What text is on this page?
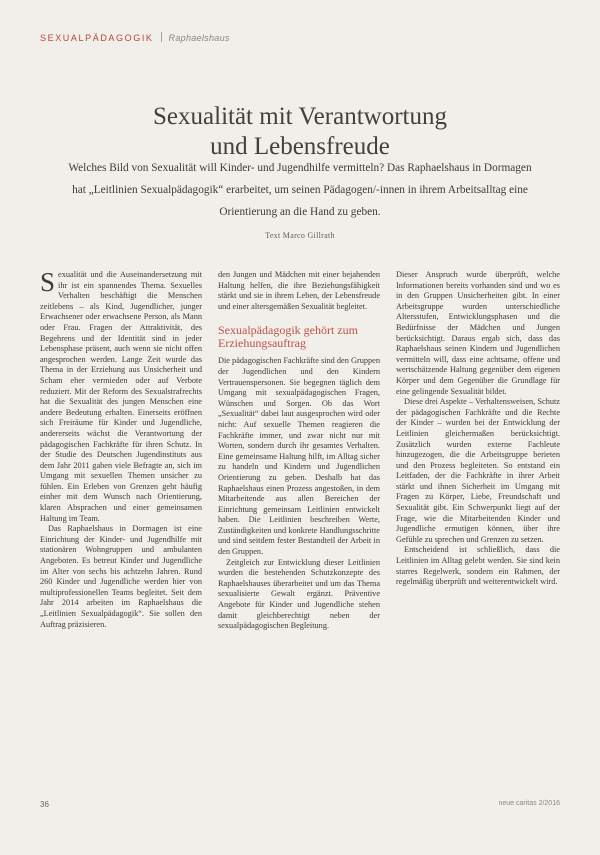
SEXUALPÄDAGOGIK Raphaelshaus
Sexualität mit Verantwortung
und Lebensfreude
Welches Bild von Sexualität will Kinder- und Jugendhilfe vermitteln? Das Raphaelshaus in Dormagen
hat „Leitlinien Sexualpädagogik“ erarbeitet, um seinen Pädagogen/-innen in ihrem Arbeitsalltag eine
Orientierung an die Hand zu geben.
Text Marco Gillrath

Sexualität und die Auseinandersetzung mit ihr ist ein spannendes Thema. Sexuelles Verhalten beschäftigt die Menschen zeitlebens – als Kind, Jugendlicher, junger Erwachsener oder erwachsene Person, als Mann oder Frau. Fragen der Attraktivität, des Begehrens und der Identität sind in jeder Lebensphase präsent, auch wenn sie nicht offen angesprochen werden. Lange Zeit wurde das Thema in der Erziehung aus Unsicherheit und Scham eher vermieden oder auf Verbote reduziert. Mit der Reform des Sexualstrafrechts hat die Sexualität des jungen Menschen eine andere Bedeutung erhalten. Einerseits eröffnen sich Freiräume für Kinder und Jugendliche, andererseits wächst die Verantwortung der pädagogischen Fachkräfte für ihren Schutz. In der Studie des Deutschen Jugendinstituts aus dem Jahr 2011 gaben viele Befragte an, sich im Umgang mit sexuellen Themen unsicher zu fühlen. Ein Erleben von Grenzen geht häufig einher mit dem Wunsch nach Orientierung, klaren Absprachen und einer gemeinsamen Haltung im Team.

Das Raphaelshaus in Dormagen ist eine Einrichtung der Kinder- und Jugendhilfe mit stationären Wohngruppen und ambulanten Angeboten. Es betreut Kinder und Jugendliche im Alter von sechs bis achtzehn Jahren. Rund 260 Kinder und Jugendliche werden hier von multiprofessionellen Teams begleitet. Seit dem Jahr 2014 arbeiten im Raphaelshaus die „Leitlinien Sexualpädagogik“. Sie sollen den Auftrag präzisieren.

den Jungen und Mädchen mit einer bejahenden Haltung helfen, die ihre Beziehungsfähigkeit stärkt und sie in ihrem Leben, der Lebensfreude und einer altersgemäßen Sexualität begleitet.

Sexualpädagogik gehört zum Erziehungsauftrag

Die pädagogischen Fachkräfte sind den Gruppen der Jugendlichen und den Kindern Vertrauenspersonen. Sie begegnen täglich dem Umgang mit sexualpädagogischen Fragen, Wünschen und Sorgen. Ob das Wort „Sexualität“ dabei laut ausgesprochen wird oder nicht: Auf sexuelle Themen reagieren die Fachkräfte immer, und zwar nicht nur mit Worten, sondern durch ihr gesamtes Verhalten. Eine gemeinsame Haltung hilft, im Alltag sicher zu handeln und Kindern und Jugendlichen Orientierung zu geben. Deshalb hat das Raphaelshaus einen Prozess angestoßen, in dem Mitarbeitende aus allen Bereichen der Einrichtung gemeinsam Leitlinien entwickelt haben. Die Leitlinien beschreiben Werte, Zuständigkeiten und konkrete Handlungsschritte und sind seitdem fester Bestandteil der Arbeit in den Gruppen.

Zeitgleich zur Entwicklung dieser Leitlinien wurden die bestehenden Schutzkonzepte des Raphaelshauses überarbeitet und um das Thema sexualisierte Gewalt ergänzt. Präventive Angebote für Kinder und Jugendliche stehen damit gleichberechtigt neben der sexualpädagogischen Begleitung.

Dieser Anspruch wurde überprüft, welche Informationen bereits vorhanden sind und wo es in den Gruppen Unsicherheiten gibt. In einer Arbeitsgruppe wurden unterschiedliche Altersstufen, Entwicklungsphasen und die Bedürfnisse der Mädchen und Jungen berücksichtigt. Daraus ergab sich, dass das Raphaelshaus seinen Kindern und Jugendlichen vermitteln will, dass eine achtsame, offene und wertschätzende Haltung gegenüber dem eigenen Körper und dem Gegenüber die Grundlage für eine gelingende Sexualität bildet.

Diese drei Aspekte – Verhaltensweisen, Schutz der pädagogischen Fachkräfte und die Rechte der Kinder – wurden bei der Entwicklung der Leitlinien gleichermaßen berücksichtigt. Zusätzlich wurden externe Fachleute hinzugezogen, die die Arbeitsgruppe berieten und den Prozess begleiteten. So entstand ein Leitfaden, der die Fachkräfte in ihrer Arbeit stärkt und ihnen Sicherheit im Umgang mit Fragen zu Körper, Liebe, Freundschaft und Sexualität gibt. Ein Schwerpunkt liegt auf der Frage, wie die Mitarbeitenden Kinder und Jugendliche ermutigen können, über ihre Gefühle zu sprechen und Grenzen zu setzen.

Entscheidend ist schließlich, dass die Leitlinien im Alltag gelebt werden. Sie sind kein starres Regelwerk, sondern ein Rahmen, der regelmäßig überprüft und weiterentwickelt wird.

36	neue caritas 2/2016
